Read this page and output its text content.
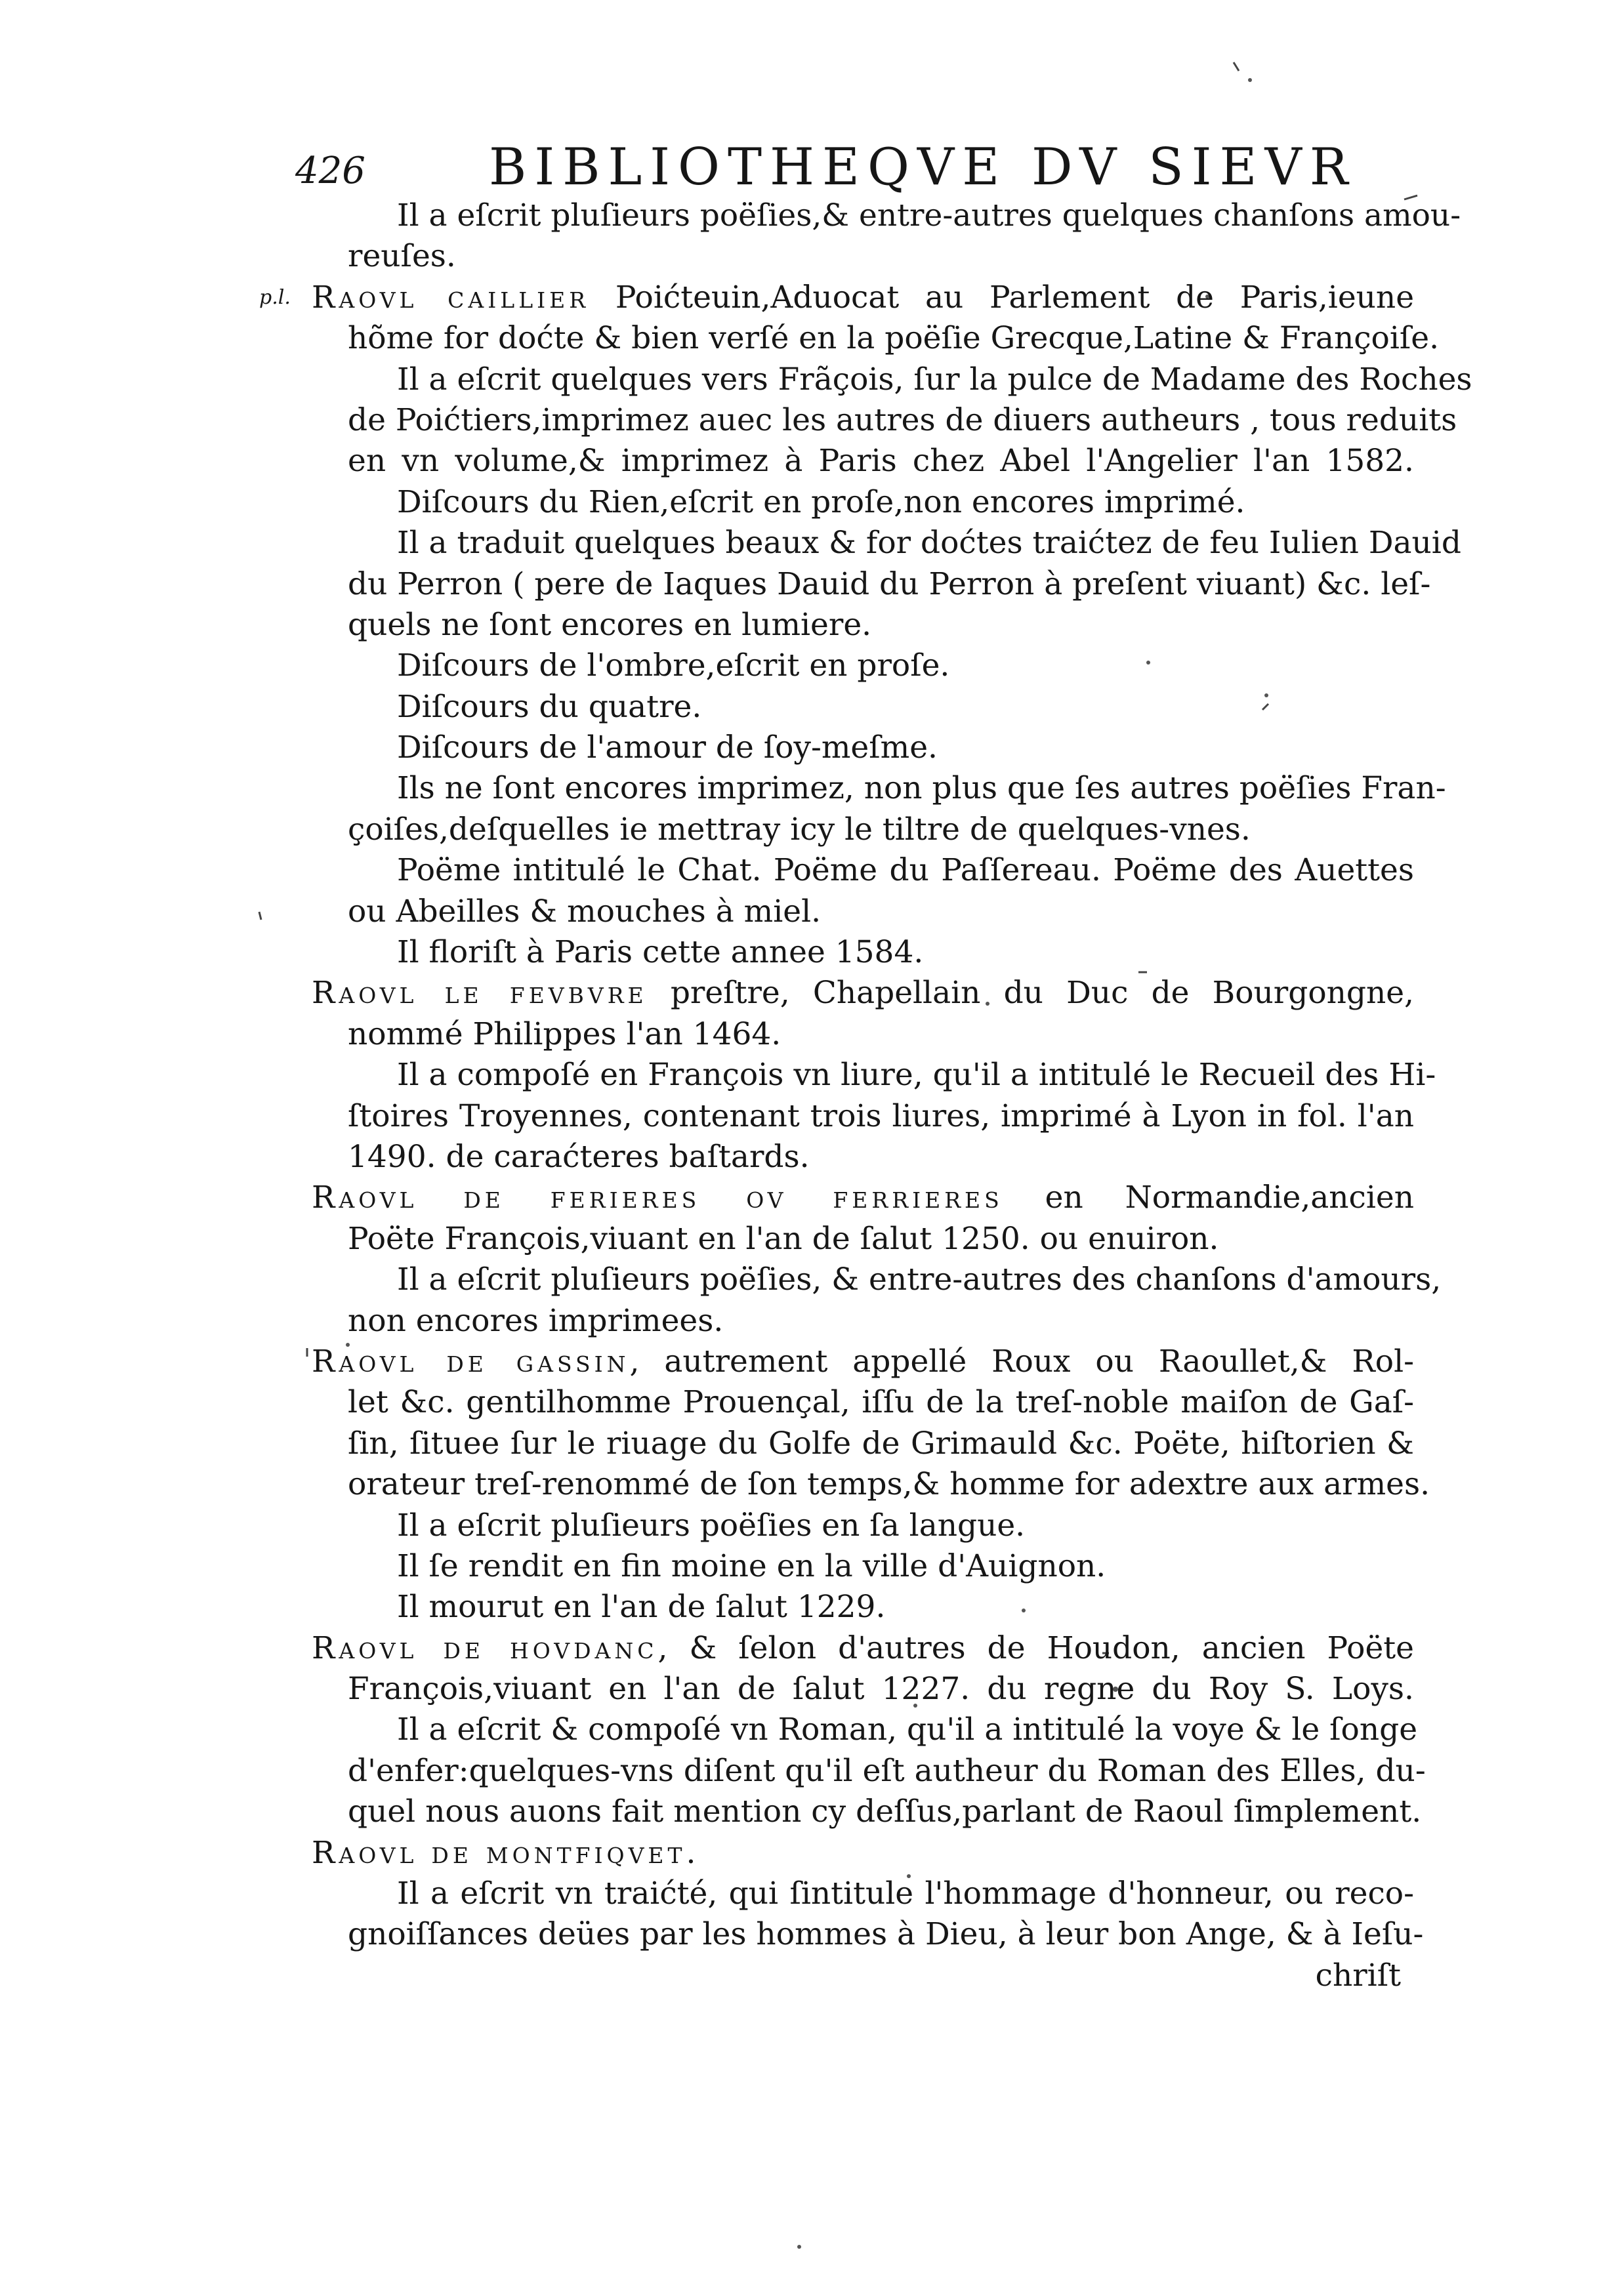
426 BIBLIOTHEQVE DV SIEVR
Il a eſcrit pluſieurs poëſies,& entre-autres quelques chanſons amou-
reuſes.
p.l. Raovl caillier Poićteuin,Aduocat au Parlement de Paris,ieune
hõme for doćte & bien verſé en la poëſie Grecque,Latine & Françoiſe.
Il a eſcrit quelques vers Frãçois, ſur la pulce de Madame des Roches
de Poićtiers,imprimez auec les autres de diuers autheurs , tous reduits
en vn volume,& imprimez à Paris chez Abel l'Angelier l'an 1582.
Diſcours du Rien,eſcrit en proſe,non encores imprimé.
Il a traduit quelques beaux & for doćtes traićtez de feu Iulien Dauid
du Perron ( pere de Iaques Dauid du Perron à preſent viuant) &c. leſ-
quels ne ſont encores en lumiere.
Diſcours de l'ombre,eſcrit en proſe.
Diſcours du quatre.
Diſcours de l'amour de ſoy-meſme.
Ils ne ſont encores imprimez, non plus que ſes autres poëſies Fran-
çoiſes,deſquelles ie mettray icy le tiltre de quelques-vnes.
Poëme intitulé le Chat. Poëme du Paſſereau. Poëme des Auettes
ou Abeilles & mouches à miel.
Il floriſt à Paris cette annee 1584.
Raovl le fevbvre preſtre, Chapellain du Duc de Bourgongne,
nommé Philippes l'an 1464.
Il a compoſé en François vn liure, qu'il a intitulé le Recueil des Hi-
ſtoires Troyennes, contenant trois liures, imprimé à Lyon in fol. l'an
1490. de caraćteres baſtards.
Raovl de ferieres ov ferrieres en Normandie,ancien
Poëte François,viuant en l'an de ſalut 1250. ou enuiron.
Il a eſcrit pluſieurs poëſies, & entre-autres des chanſons d'amours,
non encores imprimees.
Raovl de gassin, autrement appellé Roux ou Raoullet,& Rol-
let &c. gentilhomme Prouençal, iſſu de la treſ-noble maiſon de Gaſ-
ſin, ſituee ſur le riuage du Golfe de Grimauld &c. Poëte, hiſtorien &
orateur treſ-renommé de ſon temps,& homme for adextre aux armes.
Il a eſcrit pluſieurs poëſies en ſa langue.
Il ſe rendit en fin moine en la ville d'Auignon.
Il mourut en l'an de ſalut 1229.
Raovl de hovdanc, & ſelon d'autres de Houdon, ancien Poëte
François,viuant en l'an de ſalut 1227. du regne du Roy S. Loys.
Il a eſcrit & compoſé vn Roman, qu'il a intitulé la voye & le ſonge
d'enfer:quelques-vns diſent qu'il eſt autheur du Roman des Elles, du-
quel nous auons fait mention cy deſſus,parlant de Raoul ſimplement.
Raovl de montfiqvet.
Il a eſcrit vn traićté, qui ſintitule l'hommage d'honneur, ou reco-
gnoiſſances deües par les hommes à Dieu, à leur bon Ange, & à Ieſu-
chriſt
